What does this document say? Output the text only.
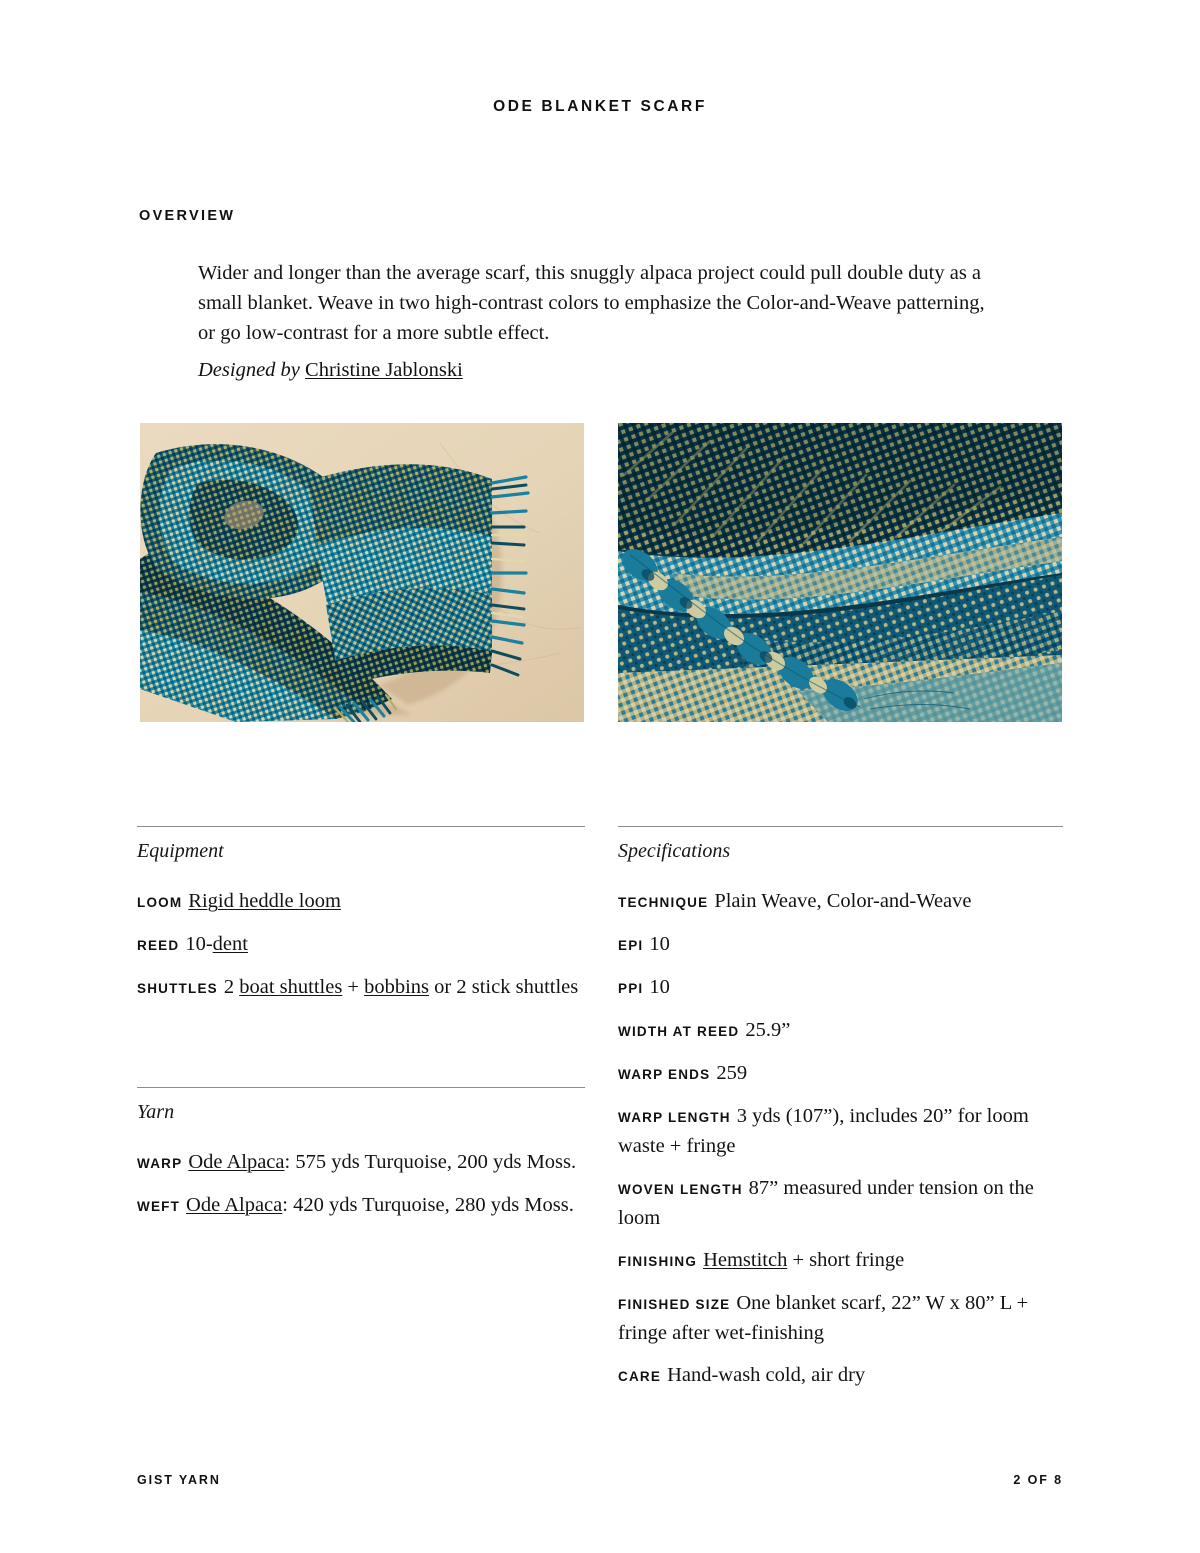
ODE BLANKET SCARF
OVERVIEW
Wider and longer than the average scarf, this snuggly alpaca project could pull double duty as a small blanket. Weave in two high-contrast colors to emphasize the Color-and-Weave patterning, or go low-contrast for a more subtle effect.
Designed by Christine Jablonski
Equipment
LOOM Rigid heddle loom
REED 10-dent
SHUTTLES 2 boat shuttles + bobbins or 2 stick shuttles
Yarn
WARP Ode Alpaca: 575 yds Turquoise, 200 yds Moss.
WEFT Ode Alpaca: 420 yds Turquoise, 280 yds Moss.
Specifications
TECHNIQUE Plain Weave, Color-and-Weave
EPI 10
PPI 10
WIDTH AT REED 25.9”
WARP ENDS 259
WARP LENGTH 3 yds (107”), includes 20” for loom waste + fringe
WOVEN LENGTH 87” measured under tension on the loom
FINISHING Hemstitch + short fringe
FINISHED SIZE One blanket scarf, 22” W x 80” L + fringe after wet-finishing
CARE Hand-wash cold, air dry
GIST YARN	2 OF 8
